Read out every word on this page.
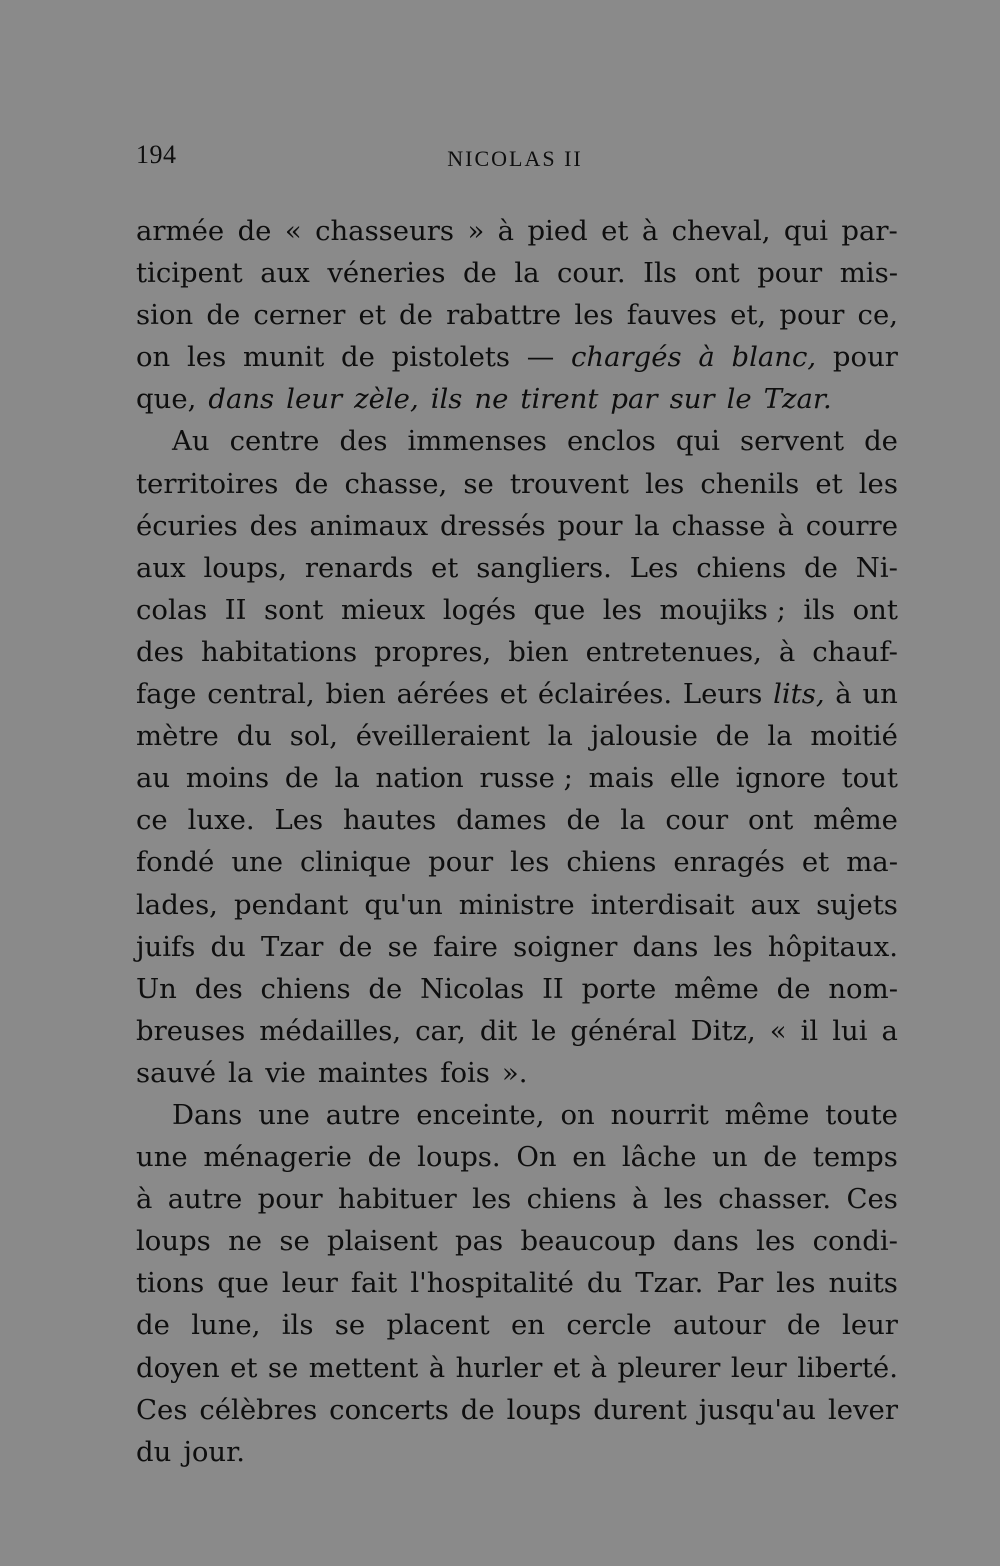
194	NICOLAS II
armée de « chasseurs » à pied et à cheval, qui par-
ticipent aux véneries de la cour. Ils ont pour mis-
sion de cerner et de rabattre les fauves et, pour ce,
on les munit de pistolets — chargés à blanc, pour
que, dans leur zèle, ils ne tirent par sur le Tzar.
Au centre des immenses enclos qui servent de
territoires de chasse, se trouvent les chenils et les
écuries des animaux dressés pour la chasse à courre
aux loups, renards et sangliers. Les chiens de Ni-
colas II sont mieux logés que les moujiks ; ils ont
des habitations propres, bien entretenues, à chauf-
fage central, bien aérées et éclairées. Leurs lits, à un
mètre du sol, éveilleraient la jalousie de la moitié
au moins de la nation russe ; mais elle ignore tout
ce luxe. Les hautes dames de la cour ont même
fondé une clinique pour les chiens enragés et ma-
lades, pendant qu'un ministre interdisait aux sujets
juifs du Tzar de se faire soigner dans les hôpitaux.
Un des chiens de Nicolas II porte même de nom-
breuses médailles, car, dit le général Ditz, « il lui a
sauvé la vie maintes fois ».
Dans une autre enceinte, on nourrit même toute
une ménagerie de loups. On en lâche un de temps
à autre pour habituer les chiens à les chasser. Ces
loups ne se plaisent pas beaucoup dans les condi-
tions que leur fait l'hospitalité du Tzar. Par les nuits
de lune, ils se placent en cercle autour de leur
doyen et se mettent à hurler et à pleurer leur liberté.
Ces célèbres concerts de loups durent jusqu'au lever
du jour.
